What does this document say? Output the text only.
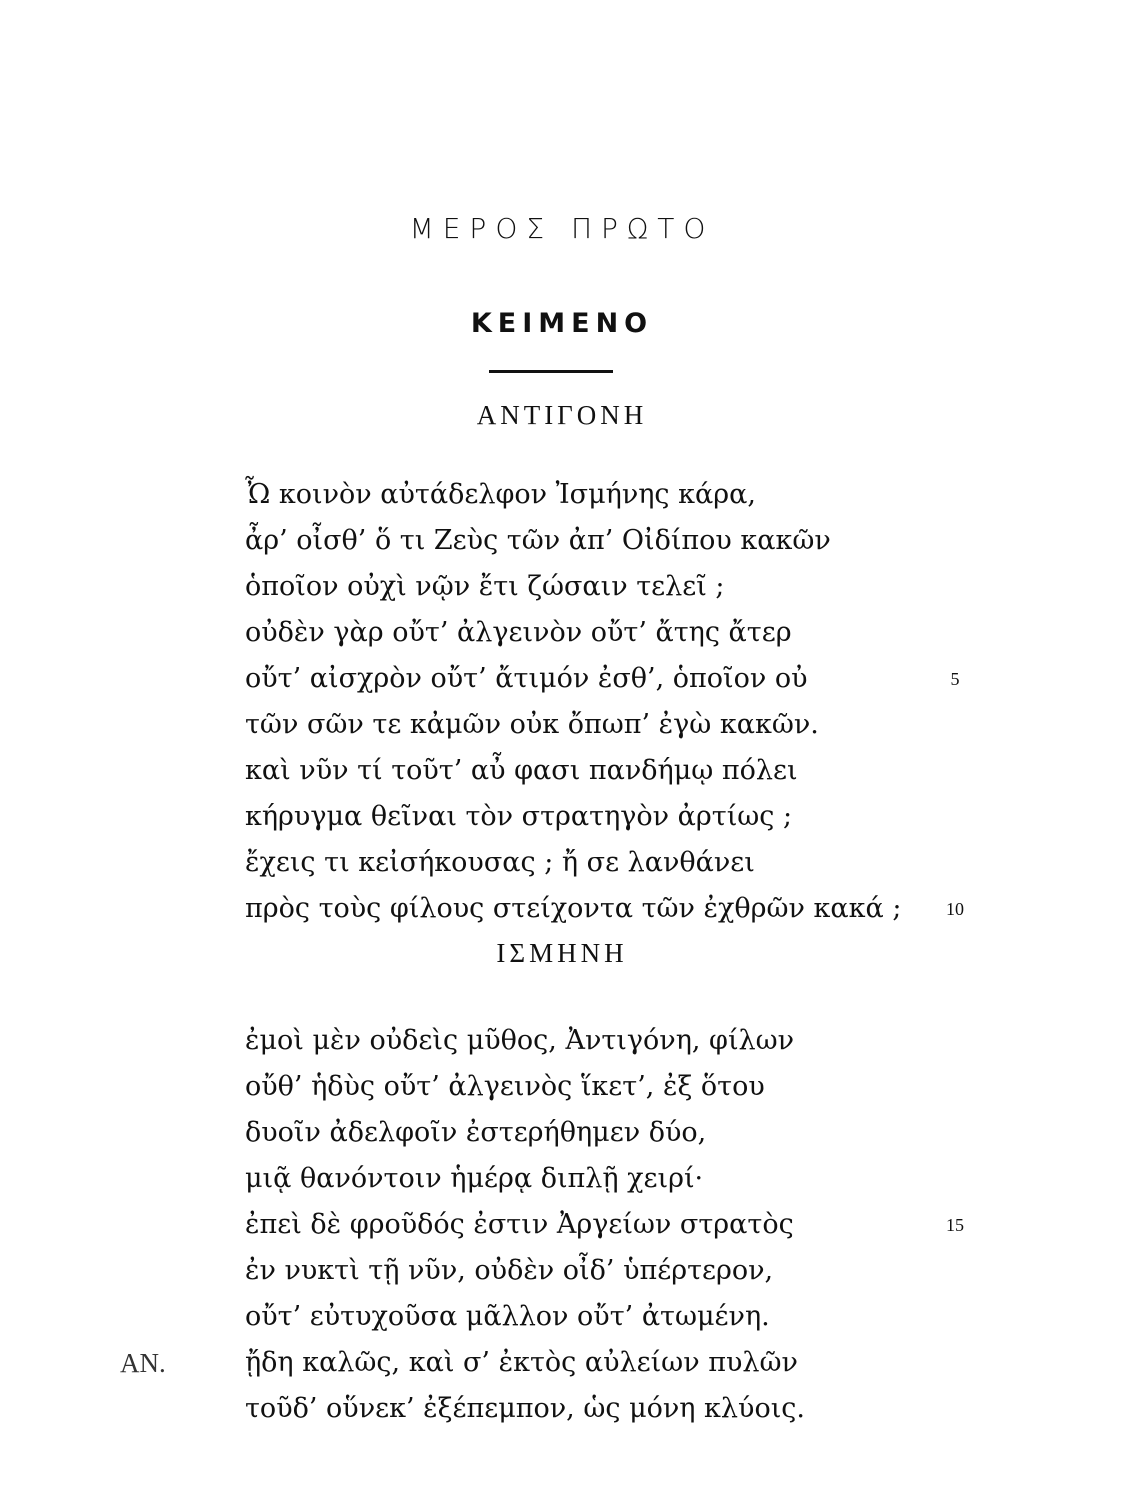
ΜΕΡΟΣ ΠΡΩΤΟ
ΚΕΙΜΕΝΟ
ΑΝΤΙΓΟΝΗ
Ὦ κοινὸν αὐτάδελφον Ἰσμήνης κάρα,
ἆρ’ οἶσθ’ ὅ τι Ζεὺς τῶν ἀπ’ Οἰδίπου κακῶν
ὁποῖον οὐχὶ νῷν ἔτι ζώσαιν τελεῖ ;
οὐδὲν γὰρ οὔτ’ ἀλγεινὸν οὔτ’ ἄτης ἄτερ
οὔτ’ αἰσχρὸν οὔτ’ ἄτιμόν ἐσθ’, ὁποῖον οὐ	5
τῶν σῶν τε κἀμῶν οὐκ ὄπωπ’ ἐγὼ κακῶν.
καὶ νῦν τί τοῦτ’ αὖ φασι πανδήμῳ πόλει
κήρυγμα θεῖναι τὸν στρατηγὸν ἀρτίως ;
ἔχεις τι κεἰσήκουσας ; ἤ σε λανθάνει
πρὸς τοὺς φίλους στείχοντα τῶν ἐχθρῶν κακά ;	10
ΙΣΜΗΝΗ
ἐμοὶ μὲν οὐδεὶς μῦθος, Ἀντιγόνη, φίλων
οὔθ’ ἡδὺς οὔτ’ ἀλγεινὸς ἵκετ’, ἐξ ὅτου
δυοῖν ἀδελφοῖν ἐστερήθημεν δύο,
μιᾷ θανόντοιν ἡμέρᾳ διπλῇ χειρί·
ἐπεὶ δὲ φροῦδός ἐστιν Ἀργείων στρατὸς	15
ἐν νυκτὶ τῇ νῦν, οὐδὲν οἶδ’ ὑπέρτερον,
οὔτ’ εὐτυχοῦσα μᾶλλον οὔτ’ ἀτωμένη.
ΑΝ.	ᾔδη καλῶς, καὶ σ’ ἐκτὸς αὐλείων πυλῶν
τοῦδ’ οὕνεκ’ ἐξέπεμπον, ὡς μόνη κλύοις.
